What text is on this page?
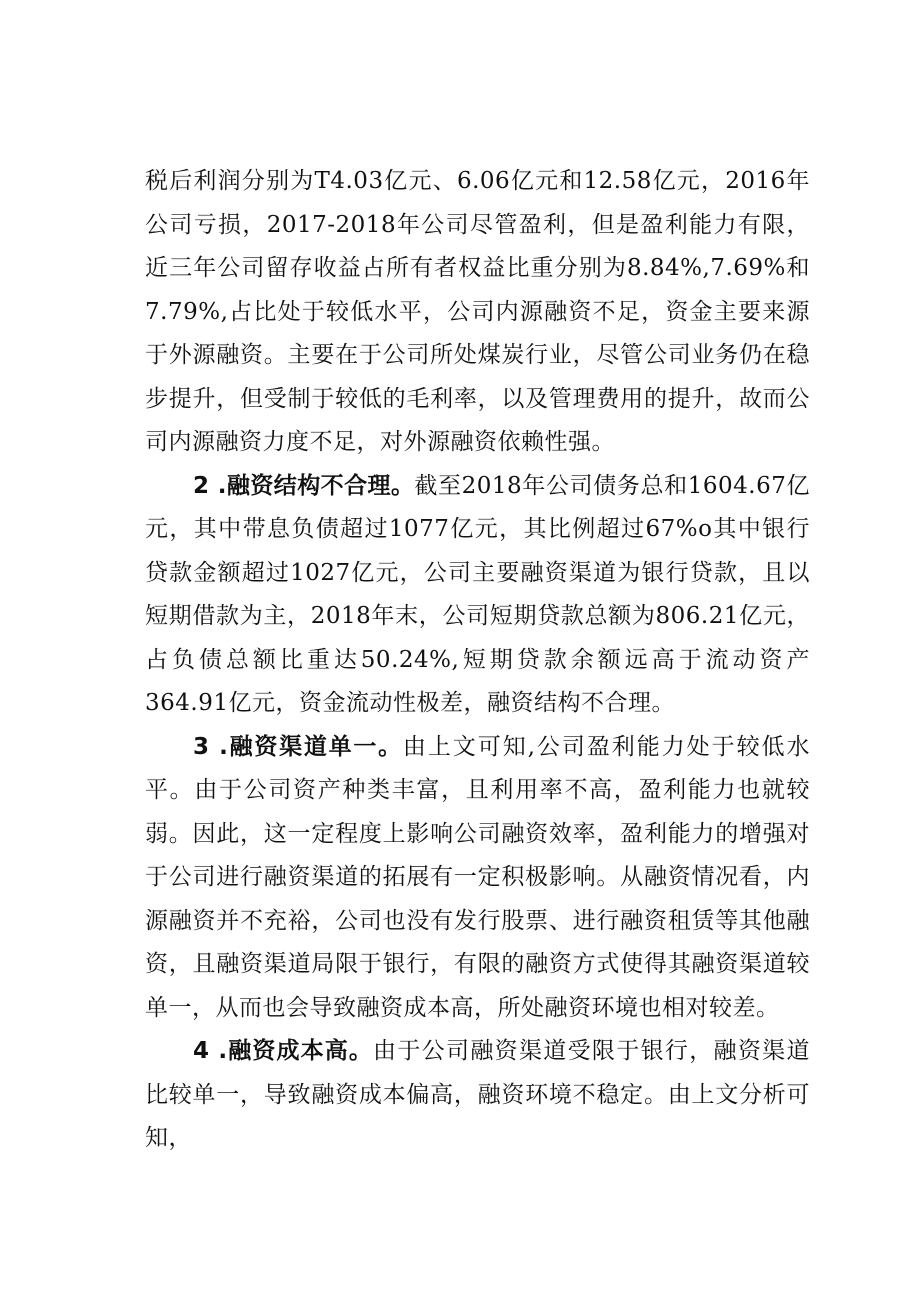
税后利润分别为T4.03亿元、6.06亿元和12.58亿元，2016年公司亏损，2017-2018年公司尽管盈利，但是盈利能力有限，近三年公司留存收益占所有者权益比重分别为8.84%,7.69%和7.79%,占比处于较低水平，公司内源融资不足，资金主要来源于外源融资。主要在于公司所处煤炭行业，尽管公司业务仍在稳步提升，但受制于较低的毛利率，以及管理费用的提升，故而公司内源融资力度不足，对外源融资依赖性强。

2 .融资结构不合理。截至2018年公司债务总和1604.67亿元，其中带息负债超过1077亿元，其比例超过67%o其中银行贷款金额超过1027亿元，公司主要融资渠道为银行贷款，且以短期借款为主，2018年末，公司短期贷款总额为806.21亿元，占负债总额比重达50.24%,短期贷款余额远高于流动资产364.91亿元，资金流动性极差，融资结构不合理。

3 .融资渠道单一。由上文可知,公司盈利能力处于较低水平。由于公司资产种类丰富，且利用率不高，盈利能力也就较弱。因此，这一定程度上影响公司融资效率，盈利能力的增强对于公司进行融资渠道的拓展有一定积极影响。从融资情况看，内源融资并不充裕，公司也没有发行股票、进行融资租赁等其他融资，且融资渠道局限于银行，有限的融资方式使得其融资渠道较单一，从而也会导致融资成本高，所处融资环境也相对较差。

4 .融资成本高。由于公司融资渠道受限于银行，融资渠道比较单一，导致融资成本偏高，融资环境不稳定。由上文分析可知，
